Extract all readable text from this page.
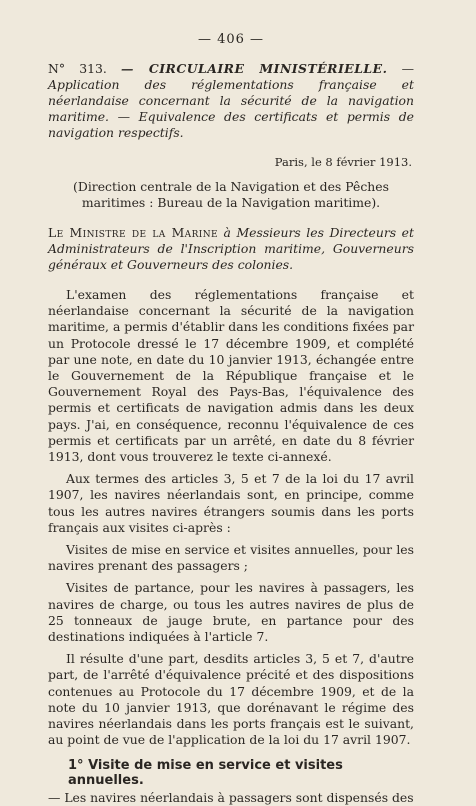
— 406 —
N° 313. — CIRCULAIRE MINISTÉRIELLE. — Application des réglementations française et néerlandaise concernant la sécurité de la navigation maritime. — Equivalence des certificats et permis de navigation respectifs.
Paris, le 8 février 1913.
(Direction centrale de la Navigation et des Pêches maritimes : Bureau de la Navigation maritime).
Le Ministre de la Marine à Messieurs les Directeurs et Administrateurs de l'Inscription maritime, Gouverneurs généraux et Gouverneurs des colonies.

L'examen des réglementations française et néerlandaise concernant la sécurité de la navigation maritime, a permis d'établir dans les conditions fixées par un Protocole dressé le 17 décembre 1909, et complété par une note, en date du 10 janvier 1913, échangée entre le Gouvernement de la République française et le Gouvernement Royal des Pays-Bas, l'équivalence des permis et certificats de navigation admis dans les deux pays. J'ai, en conséquence, reconnu l'équivalence de ces permis et certificats par un arrêté, en date du 8 février 1913, dont vous trouverez le texte ci-annexé.

Aux termes des articles 3, 5 et 7 de la loi du 17 avril 1907, les navires néerlandais sont, en principe, comme tous les autres navires étrangers soumis dans les ports français aux visites ci-après :

Visites de mise en service et visites annuelles, pour les navires prenant des passagers ;

Visites de partance, pour les navires à passagers, les navires de charge, ou tous les autres navires de plus de 25 tonneaux de jauge brute, en partance pour des destinations indiquées à l'article 7.

Il résulte d'une part, desdits articles 3, 5 et 7, d'autre part, de l'arrêté d'équivalence précité et des dispositions contenues au Protocole du 17 décembre 1909, et de la note du 10 janvier 1913, que dorénavant le régime des navires néerlandais dans les ports français est le suivant, au point de vue de l'application de la loi du 17 avril 1907.

1° Visite de mise en service et visites annuelles.
— Les navires néerlandais à passagers sont dispensés des
